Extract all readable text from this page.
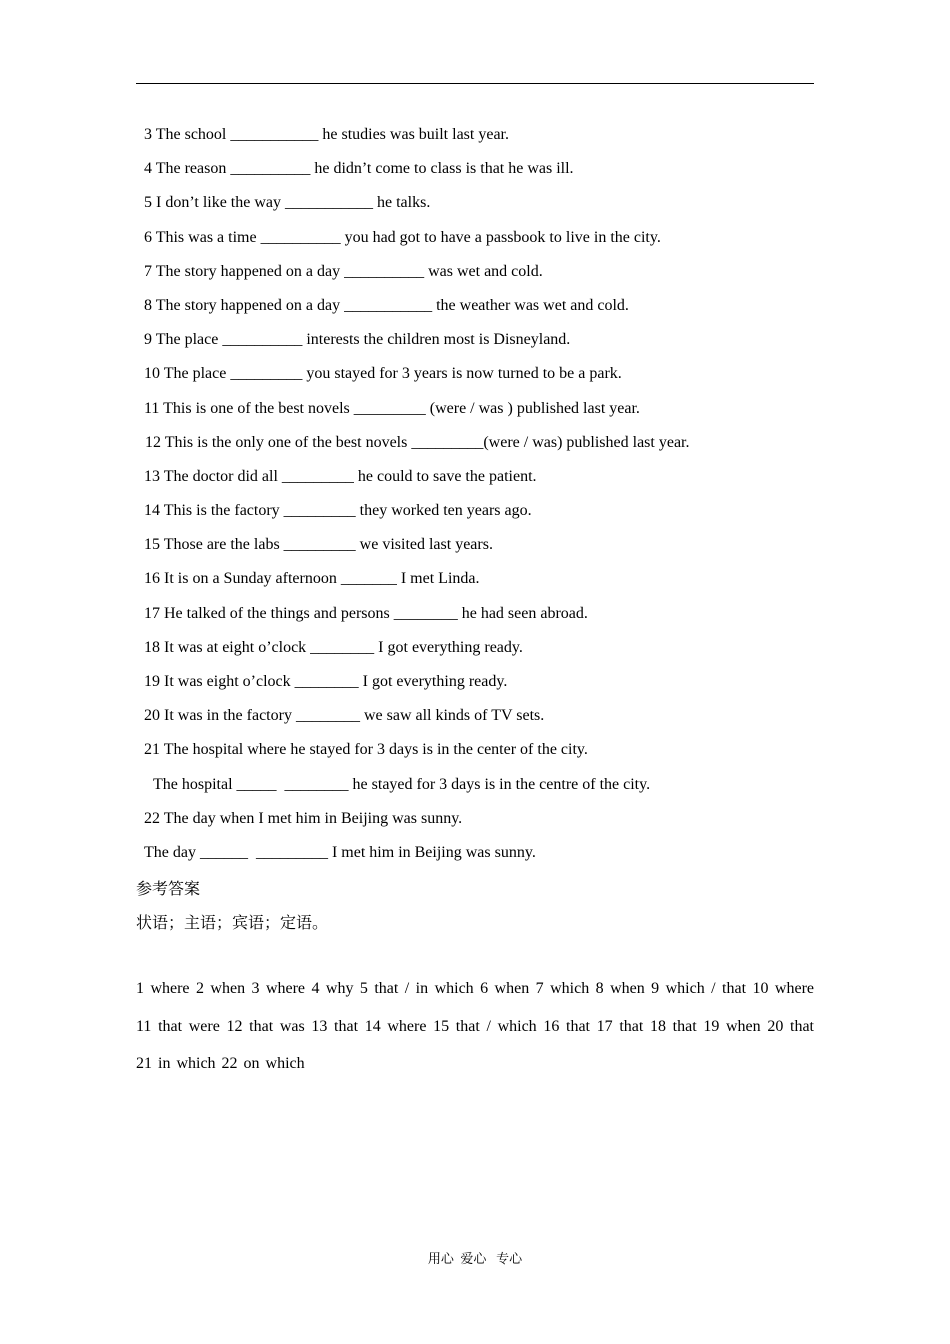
3 The school ___________ he studies was built last year.
4 The reason __________ he didn’t come to class is that he was ill.
5 I don’t like the way ___________ he talks.
6 This was a time __________ you had got to have a passbook to live in the city.
7 The story happened on a day __________ was wet and cold.
8 The story happened on a day ___________ the weather was wet and cold.
9 The place __________ interests the children most is Disneyland.
10 The place _________ you stayed for 3 years is now turned to be a park.
11 This is one of the best novels _________ (were / was ) published last year.
12 This is the only one of the best novels _________(were / was) published last year.
13 The doctor did all _________ he could to save the patient.
14 This is the factory _________ they worked ten years ago.
15 Those are the labs _________ we visited last years.
16 It is on a Sunday afternoon _______ I met Linda.
17 He talked of the things and persons ________ he had seen abroad.
18 It was at eight o’clock ________ I got everything ready.
19 It was eight o’clock ________ I got everything ready.
20 It was in the factory ________ we saw all kinds of TV sets.
21 The hospital where he stayed for 3 days is in the center of the city.
The hospital _____  ________ he stayed for 3 days is in the centre of the city.
22 The day when I met him in Beijing was sunny.
The day ______  _________ I met him in Beijing was sunny.
参考答案
状语；主语；宾语；定语。
1 where 2 when 3 where 4 why 5 that / in which 6 when 7 which 8 when 9 which / that 10 where 11 that were 12 that was 13 that 14 where 15 that / which 16 that 17 that 18 that 19 when 20 that 21 in which 22 on which
用心  爱心   专心
